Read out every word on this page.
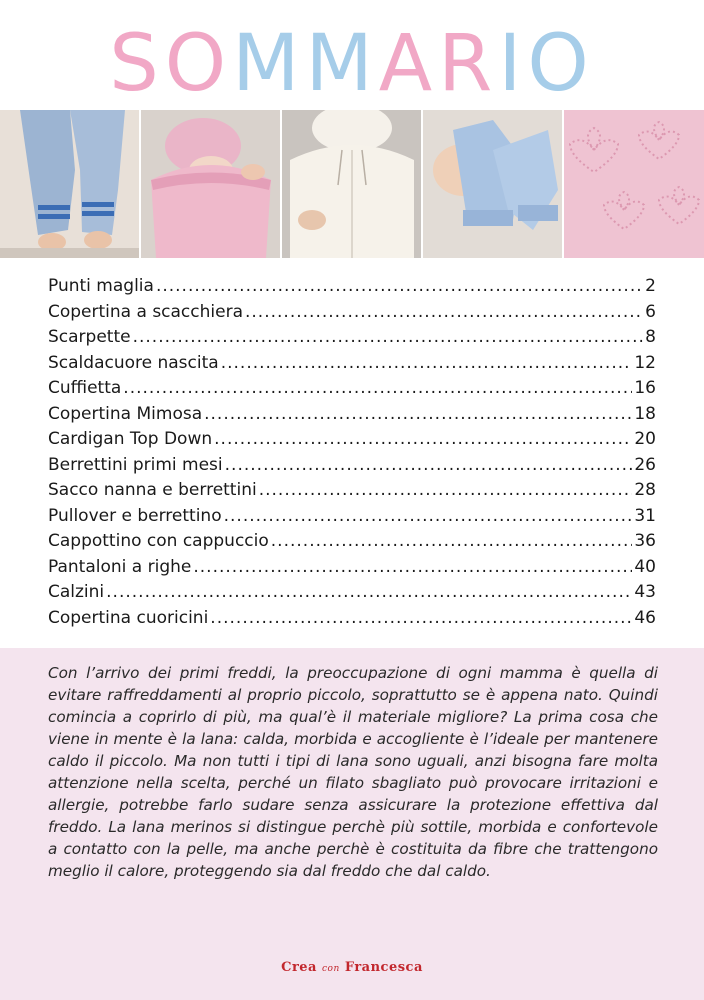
SOMMARIO
Punti maglia .....	2
Copertina a scacchiera .....	6
Scarpette .....	8
Scaldacuore nascita .....	12
Cuffietta .....	16
Copertina Mimosa .....	18
Cardigan Top Down .....	20
Berrettini primi mesi .....	26
Sacco nanna e berrettini .....	28
Pullover e berrettino .....	31
Cappottino con cappuccio .....	36
Pantaloni a righe .....	40
Calzini .....	43
Copertina cuoricini .....	46

Con l’arrivo dei primi freddi, la preoccupazione di ogni mamma è quella di evitare raffreddamenti al proprio piccolo, soprattutto se è appena nato. Quindi comincia a coprirlo di più, ma qual’è il materiale migliore? La prima cosa che viene in mente è la lana: calda, morbida e accogliente è l’ideale per mantenere caldo il piccolo. Ma non tutti i tipi di lana sono uguali, anzi bisogna fare molta attenzione nella scelta, perché un filato sbagliato può provocare irritazioni e allergie, potrebbe farlo sudare senza assicurare la protezione effettiva dal freddo. La lana merinos si distingue perchè più sottile, morbida e confortevole a contatto con la pelle, ma anche perchè è costituita da fibre che trattengono meglio il calore, proteggendo sia dal freddo che dal caldo.

Crea con Francesca
